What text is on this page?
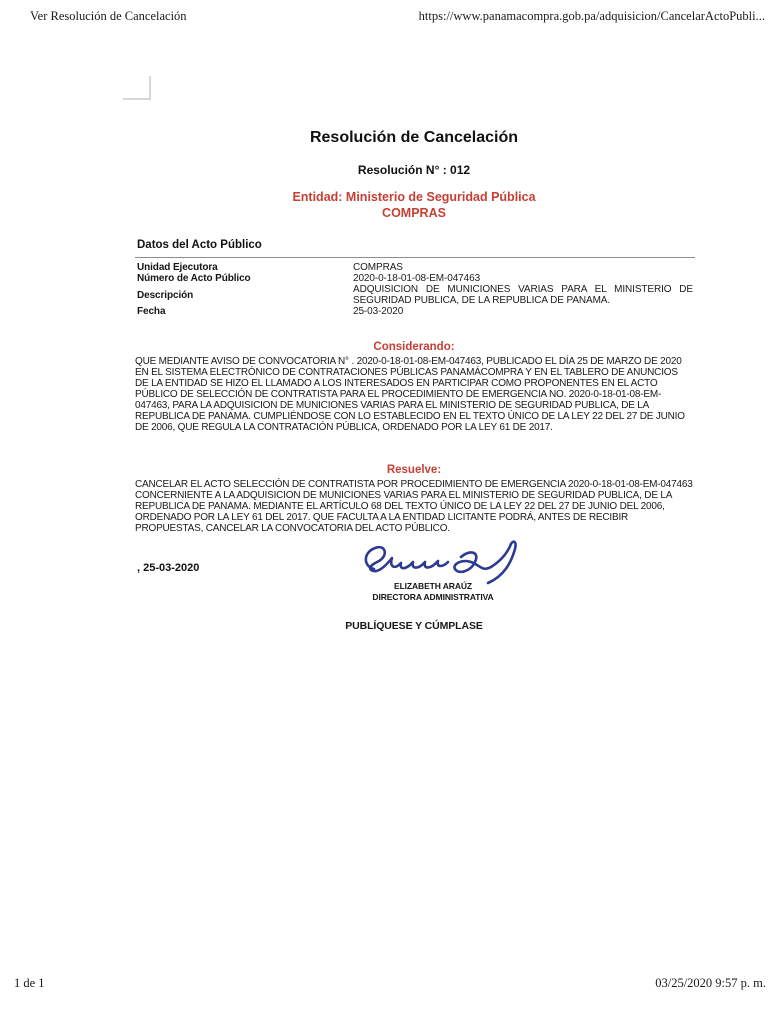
Ver Resolución de Cancelación	https://www.panamacompra.gob.pa/adquisicion/CancelarActoPubli...
Resolución de Cancelación
Resolución N° : 012
Entidad: Ministerio de Seguridad Pública
COMPRAS
Datos del Acto Público
Unidad Ejecutora	COMPRAS
Número de Acto Público	2020-0-18-01-08-EM-047463
Descripción	ADQUISICION DE MUNICIONES VARIAS PARA EL MINISTERIO DE SEGURIDAD PUBLICA, DE LA REPUBLICA DE PANAMA.
Fecha	25-03-2020
Considerando:
QUE MEDIANTE AVISO DE CONVOCATORIA N° . 2020-0-18-01-08-EM-047463, PUBLICADO EL DÍA 25 DE MARZO DE 2020 EN EL SISTEMA ELECTRÓNICO DE CONTRATACIONES PÚBLICAS PANAMÁCOMPRA Y EN EL TABLERO DE ANUNCIOS DE LA ENTIDAD SE HIZO EL LLAMADO A LOS INTERESADOS EN PARTICIPAR COMO PROPONENTES EN EL ACTO PÚBLICO DE SELECCIÓN DE CONTRATISTA PARA EL PROCEDIMIENTO DE EMERGENCIA NO. 2020-0-18-01-08-EM-047463, PARA LA ADQUISICION DE MUNICIONES VARIAS PARA EL MINISTERIO DE SEGURIDAD PUBLICA, DE LA REPUBLICA DE PANAMA. CUMPLIÉNDOSE CON LO ESTABLECIDO EN EL TEXTO ÚNICO DE LA LEY 22 DEL 27 DE JUNIO DE 2006, QUE REGULA LA CONTRATACIÓN PÚBLICA, ORDENADO POR LA LEY 61 DE 2017.
Resuelve:
CANCELAR EL ACTO SELECCIÓN DE CONTRATISTA POR PROCEDIMIENTO DE EMERGENCIA 2020-0-18-01-08-EM-047463 CONCERNIENTE A LA ADQUISICION DE MUNICIONES VARIAS PARA EL MINISTERIO DE SEGURIDAD PUBLICA, DE LA REPUBLICA DE PANAMA. MEDIANTE EL ARTÍCULO 68 DEL TEXTO ÚNICO DE LA LEY 22 DEL 27 DE JUNIO DEL 2006, ORDENADO POR LA LEY 61 DEL 2017. QUE FACULTA A LA ENTIDAD LICITANTE PODRÁ, ANTES DE RECIBIR PROPUESTAS, CANCELAR LA CONVOCATORIA DEL ACTO PÚBLICO.
, 25-03-2020
ELIZABETH ARAÚZ
DIRECTORA ADMINISTRATIVA
PUBLÍQUESE Y CÚMPLASE
1 de 1	03/25/2020 9:57 p. m.
